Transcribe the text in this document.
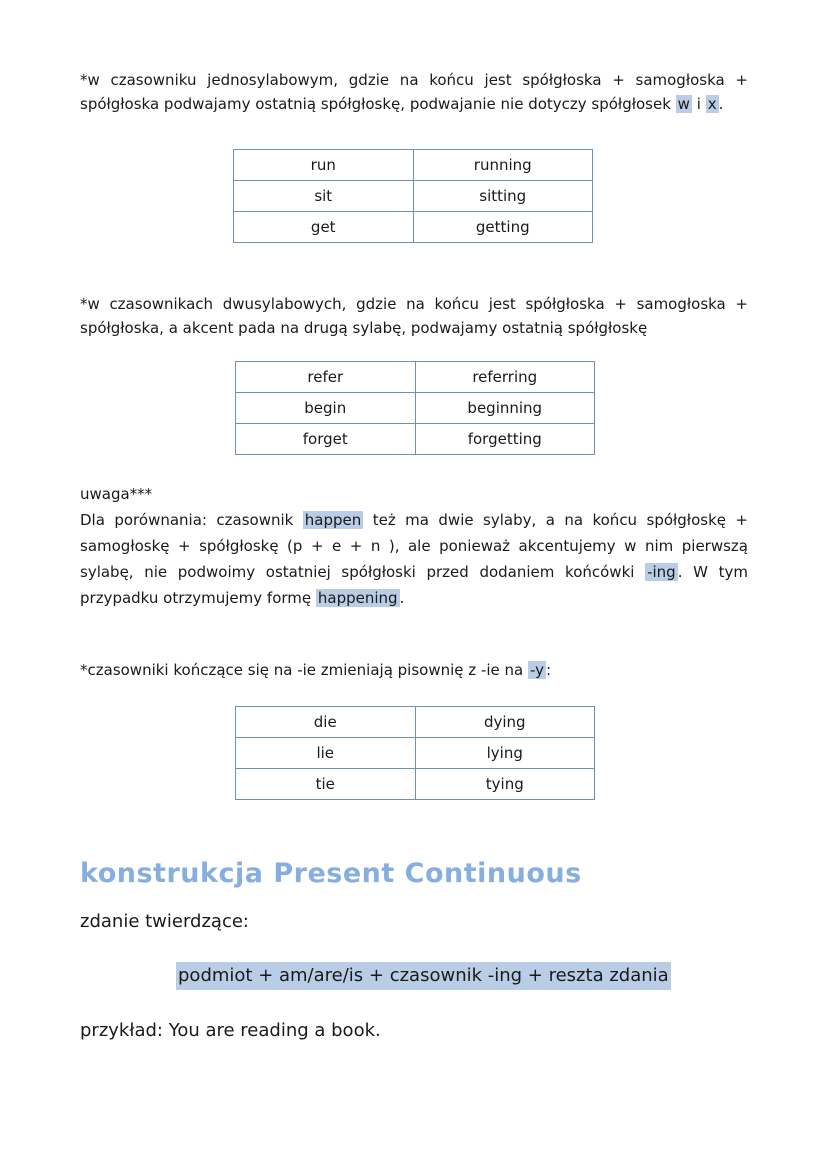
*w czasowniku jednosylabowym, gdzie na końcu jest spółgłoska + samogłoska + spółgłoska podwajamy ostatnią spółgłoskę, podwajanie nie dotyczy spółgłosek w i x .

run	running
sit	sitting
get	getting

*w czasownikach dwusylabowych, gdzie na końcu jest spółgłoska + samogłoska + spółgłoska, a akcent pada na drugą sylabę, podwajamy ostatnią spółgłoskę

refer	referring
begin	beginning
forget	forgetting
uwaga***

Dla porównania: czasownik happen też ma dwie sylaby, a na końcu spółgłoskę + samogłoskę + spółgłoskę (p + e + n ), ale ponieważ akcentujemy w nim pierwszą sylabę, nie podwoimy ostatniej spółgłoski przed dodaniem końcówki -ing . W tym przypadku otrzymujemy formę happening .

*czasowniki kończące się na -ie zmieniają pisownię z -ie na -y :

die	dying
lie	lying
tie	tying
konstrukcja Present Continuous
zdanie twierdzące:
podmiot + am/are/is + czasownik -ing + reszta zdania
przykład: You are reading a book.
